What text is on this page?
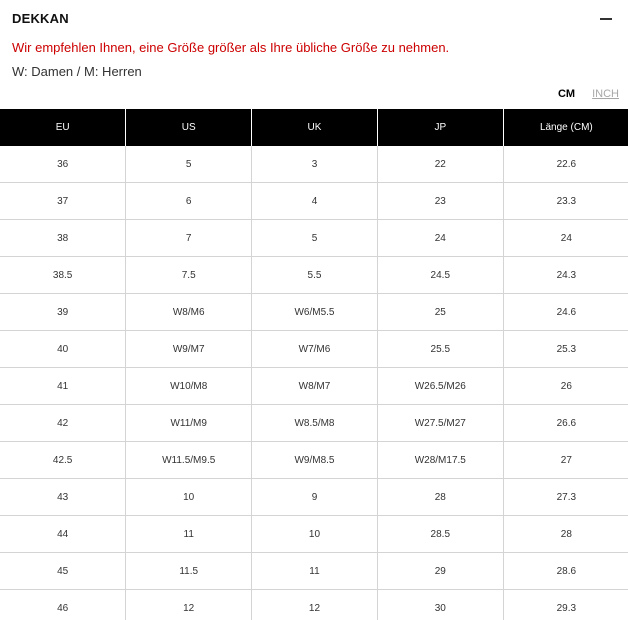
DEKKAN
Wir empfehlen Ihnen, eine Größe größer als Ihre übliche Größe zu nehmen.
W: Damen / M: Herren
CM INCH
EU	US	UK	JP	Länge (CM)
36	5	3	22	22.6
37	6	4	23	23.3
38	7	5	24	24
38.5	7.5	5.5	24.5	24.3
39	W8/M6	W6/M5.5	25	24.6
40	W9/M7	W7/M6	25.5	25.3
41	W10/M8	W8/M7	W26.5/M26	26
42	W11/M9	W8.5/M8	W27.5/M27	26.6
42.5	W11.5/M9.5	W9/M8.5	W28/M17.5	27
43	10	9	28	27.3
44	11	10	28.5	28
45	11.5	11	29	28.6
46	12	12	30	29.3
